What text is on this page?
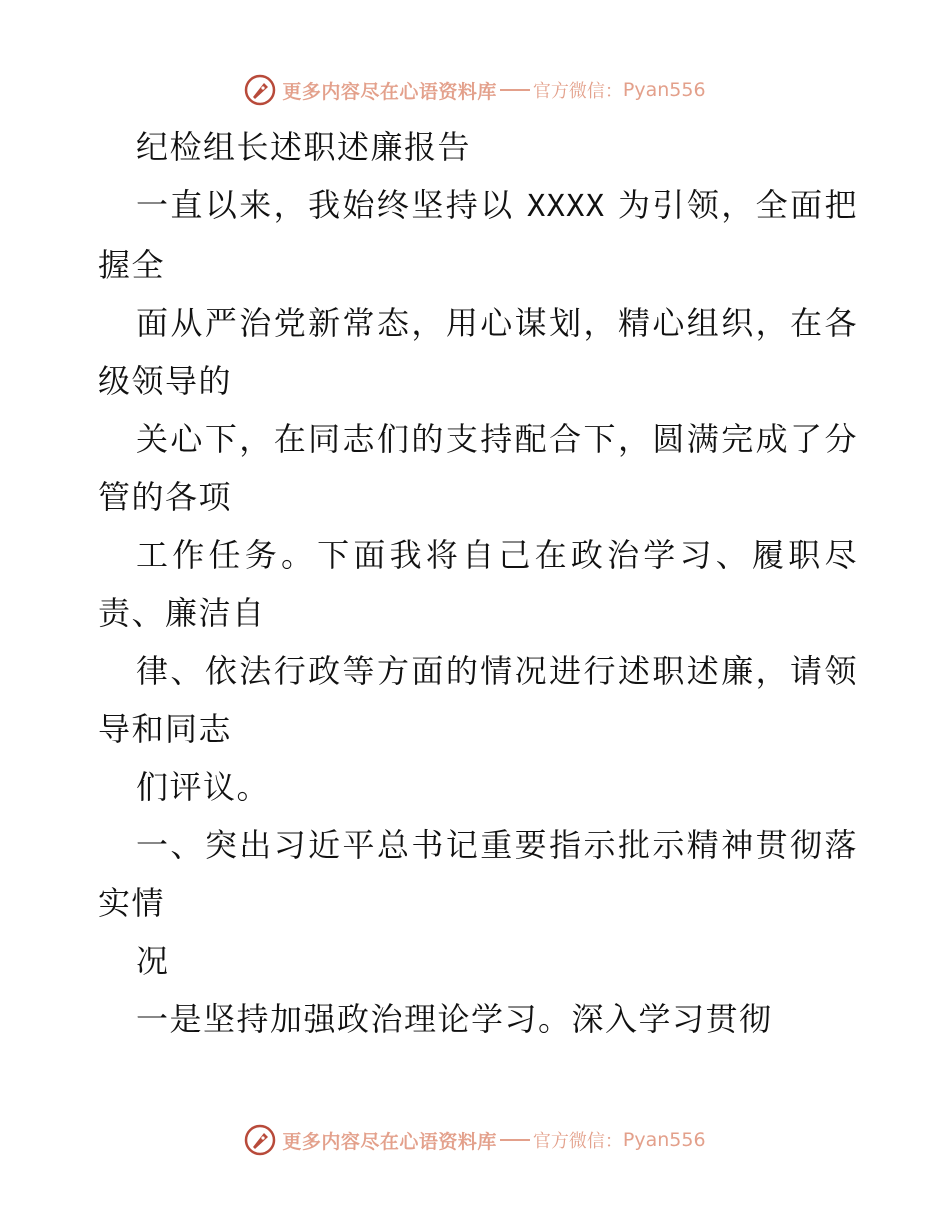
更多内容尽在心语资料库 官方微信： Pyan556

纪检组长述职述廉报告

一直以来，我始终坚持以 XXXX 为引领，全面把握全

面从严治党新常态，用心谋划，精心组织，在各级领导的

关心下，在同志们的支持配合下，圆满完成了分管的各项

工作任务。下面我将自己在政治学习、履职尽责、廉洁自

律、依法行政等方面的情况进行述职述廉，请领导和同志

们评议。

一、突出习近平总书记重要指示批示精神贯彻落实情

况

一是坚持加强政治理论学习。深入学习贯彻

更多内容尽在心语资料库 官方微信： Pyan556
